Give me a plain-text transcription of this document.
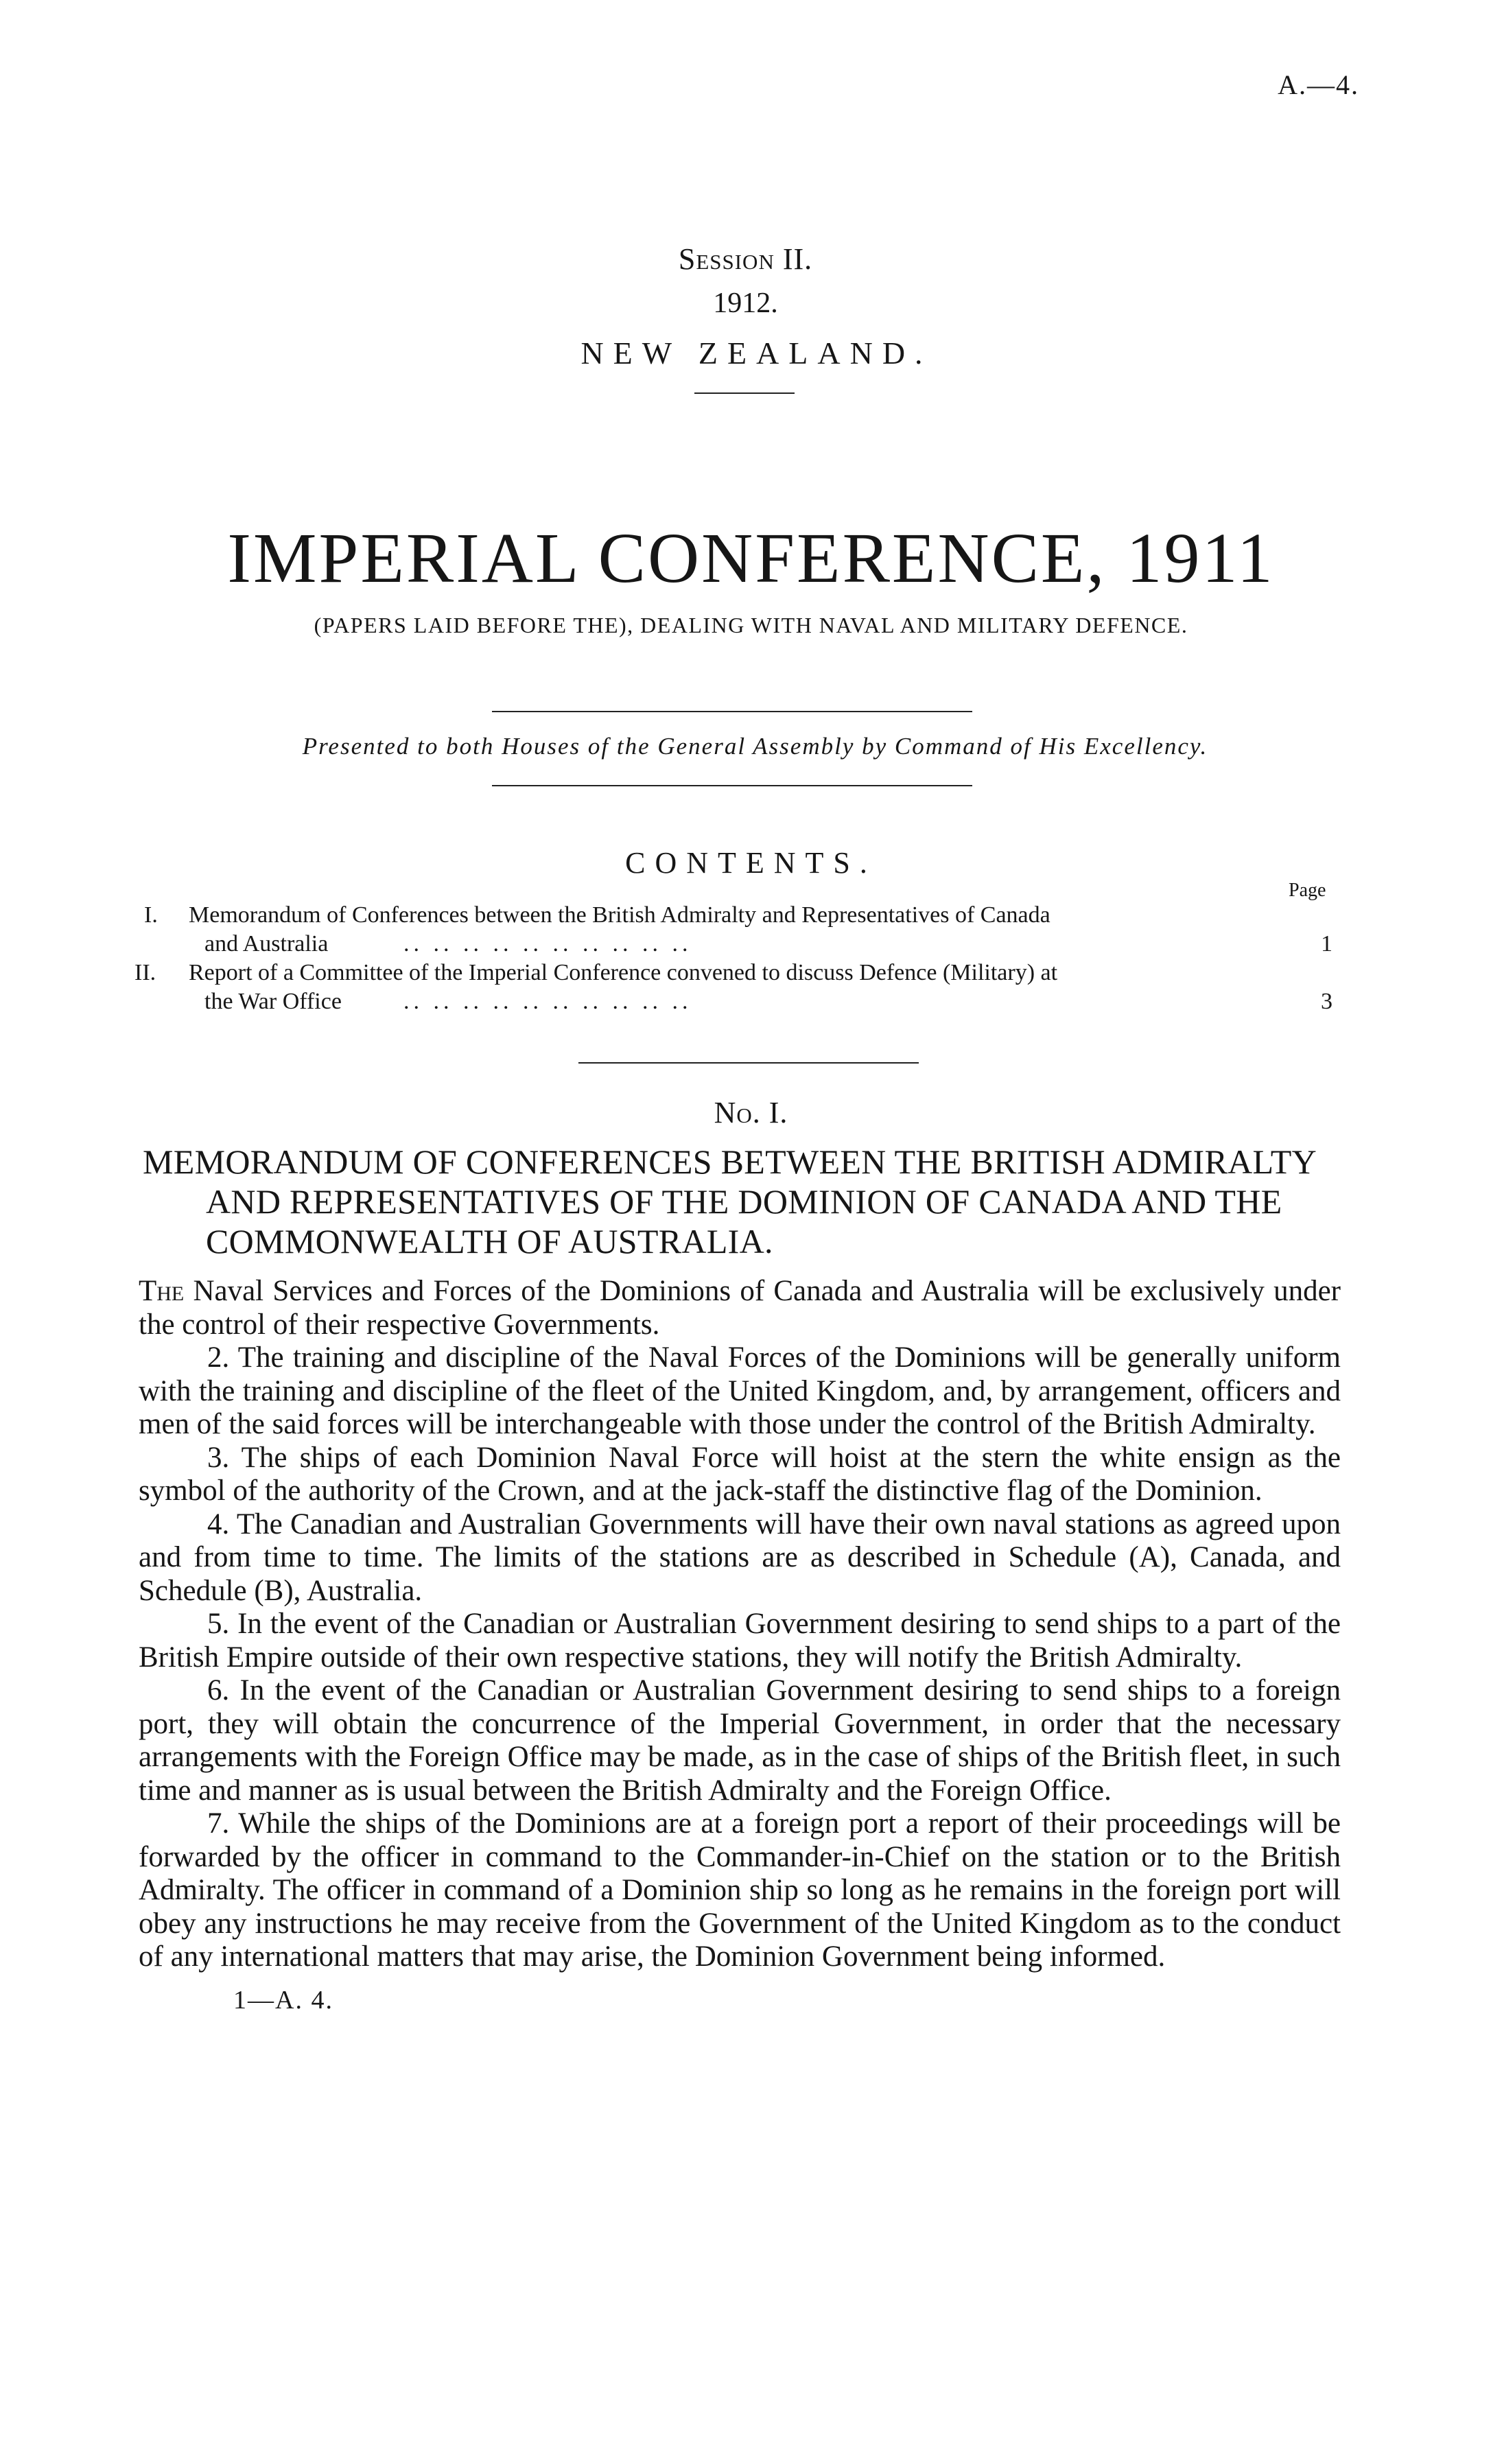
A.—4.
Session II.
1912.
NEW ZEALAND.
IMPERIAL CONFERENCE, 1911
(PAPERS LAID BEFORE THE), DEALING WITH NAVAL AND MILITARY DEFENCE.
Presented to both Houses of the General Assembly by Command of His Excellency.
CONTENTS.
Page
I. Memorandum of Conferences between the British Admiralty and Representatives of Canada
and Australia	.. .. .. .. .. .. .. .. .. ..	1
II. Report of a Committee of the Imperial Conference convened to discuss Defence (Military) at
the War Office	.. .. .. .. .. .. .. .. .. ..	3
No. I.
MEMORANDUM OF CONFERENCES BETWEEN THE BRITISH ADMIRALTY
AND REPRESENTATIVES OF THE DOMINION OF CANADA AND THE
COMMONWEALTH OF AUSTRALIA.

The Naval Services and Forces of the Dominions of Canada and Australia will be exclusively under the control of their respective Governments.

2. The training and discipline of the Naval Forces of the Dominions will be generally uniform with the training and discipline of the fleet of the United Kingdom, and, by arrangement, officers and men of the said forces will be interchangeable with those under the control of the British Admiralty.

3. The ships of each Dominion Naval Force will hoist at the stern the white ensign as the symbol of the authority of the Crown, and at the jack-staff the distinctive flag of the Dominion.

4. The Canadian and Australian Governments will have their own naval stations as agreed upon and from time to time. The limits of the stations are as described in Schedule (A), Canada, and Schedule (B), Australia.

5. In the event of the Canadian or Australian Government desiring to send ships to a part of the British Empire outside of their own respective stations, they will notify the British Admiralty.

6. In the event of the Canadian or Australian Government desiring to send ships to a foreign port, they will obtain the concurrence of the Imperial Government, in order that the necessary arrangements with the Foreign Office may be made, as in the case of ships of the British fleet, in such time and manner as is usual between the British Admiralty and the Foreign Office.

7. While the ships of the Dominions are at a foreign port a report of their proceedings will be forwarded by the officer in command to the Commander-in-Chief on the station or to the British Admiralty. The officer in command of a Dominion ship so long as he remains in the foreign port will obey any instructions he may receive from the Government of the United Kingdom as to the conduct of any international matters that may arise, the Dominion Government being informed.

1—A. 4.
